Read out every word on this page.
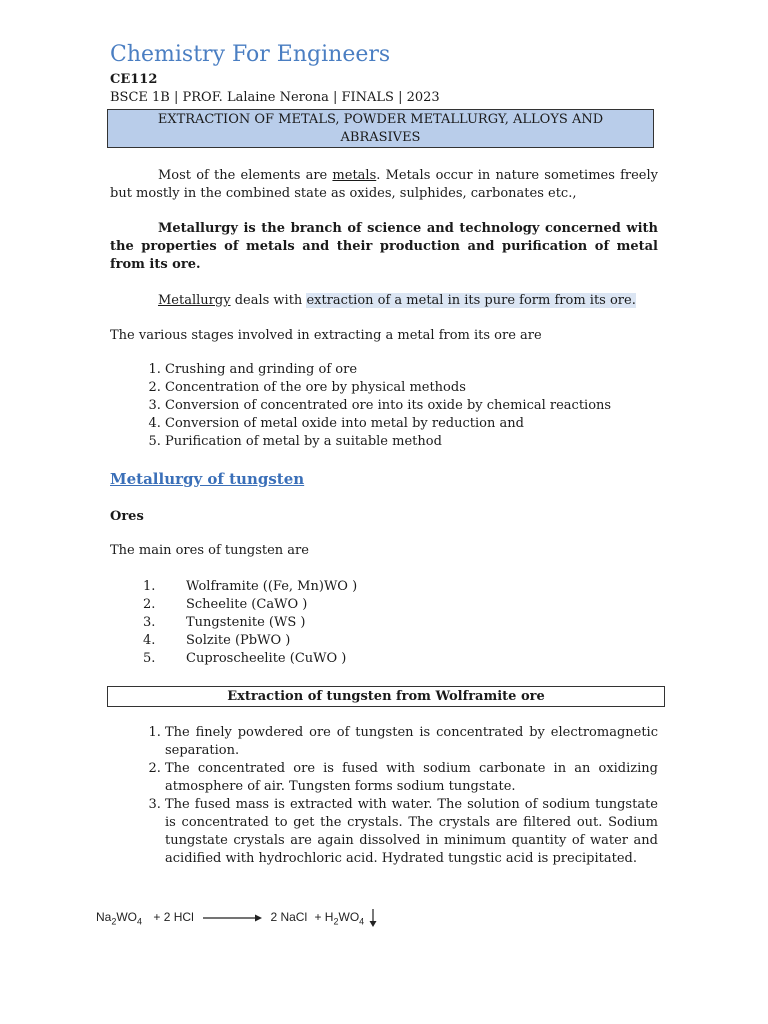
Chemistry For Engineers
CE112
BSCE 1B | PROF. Lalaine Nerona | FINALS | 2023
EXTRACTION OF METALS, POWDER METALLURGY, ALLOYS AND
ABRASIVES
Most of the elements are metals. Metals occur in nature sometimes freely but mostly in the combined state as oxides, sulphides, carbonates etc.,
Metallurgy is the branch of science and technology concerned with the properties of metals and their production and purification of metal from its ore.
Metallurgy deals with extraction of a metal in its pure form from its ore.
The various stages involved in extracting a metal from its ore are
1. Crushing and grinding of ore
2. Concentration of the ore by physical methods
3. Conversion of concentrated ore into its oxide by chemical reactions
4. Conversion of metal oxide into metal by reduction and
5. Purification of metal by a suitable method
Metallurgy of tungsten
Ores
The main ores of tungsten are
1. Wolframite ((Fe, Mn)WO )
2. Scheelite (CaWO )
3. Tungstenite (WS )
4. Solzite (PbWO )
5. Cuproscheelite (CuWO )
Extraction of tungsten from Wolframite ore
1. The finely powdered ore of tungsten is concentrated by electromagnetic separation.
2. The concentrated ore is fused with sodium carbonate in an oxidizing atmosphere of air. Tungsten forms sodium tungstate.
3. The fused mass is extracted with water. The solution of sodium tungstate is concentrated to get the crystals. The crystals are filtered out. Sodium tungstate crystals are again dissolved in minimum quantity of water and acidified with hydrochloric acid. Hydrated tungstic acid is precipitated.
$Na_2WO_4 + 2$ HCl	2 NaCl + $H_2WO_4$
